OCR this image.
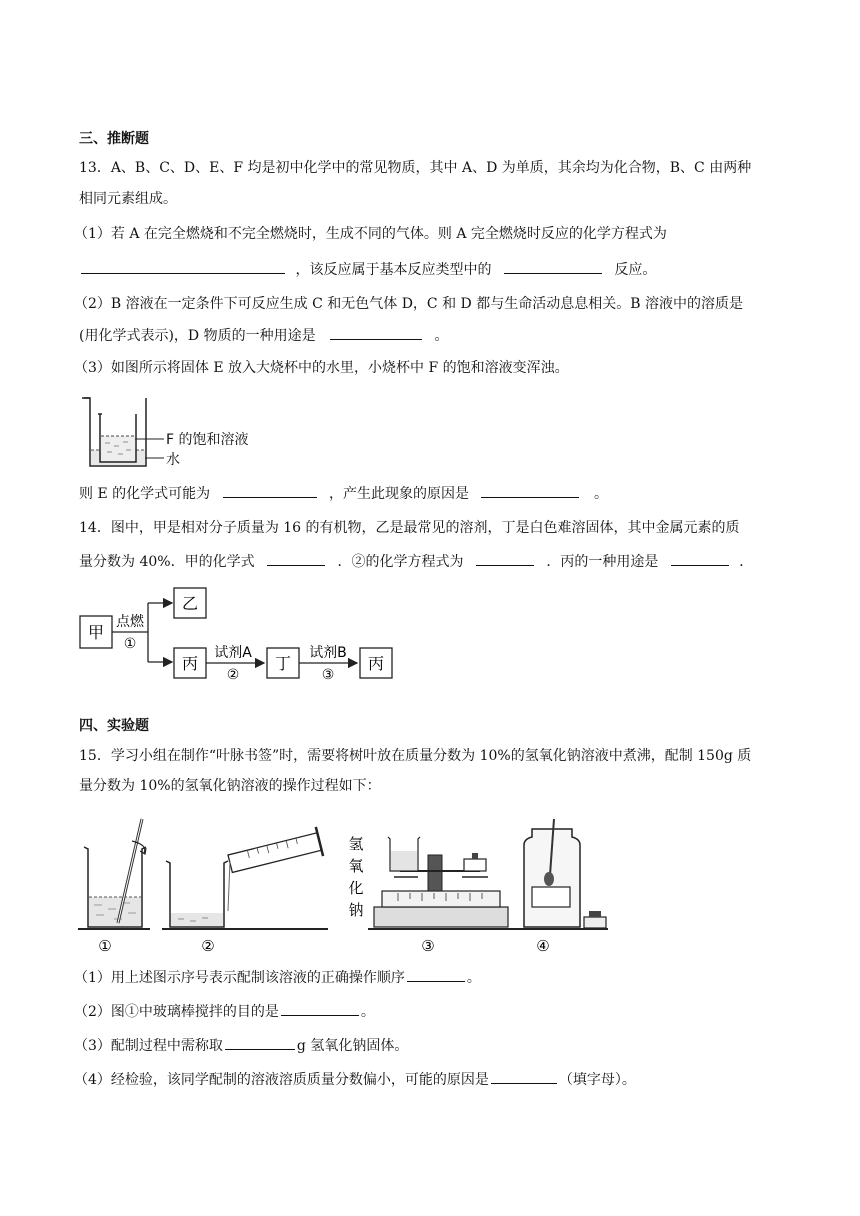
三、推断题
13．A、B、C、D、E、F 均是初中化学中的常见物质，其中 A、D 为单质，其余均为化合物，B、C 由两种
相同元素组成。
（1）若 A 在完全燃烧和不完全燃烧时，生成不同的气体。则 A 完全燃烧时反应的化学方程式为
，该反应属于基本反应类型中的	反应。
（2）B 溶液在一定条件下可反应生成 C 和无色气体 D，C 和 D 都与生命活动息息相关。B 溶液中的溶质是
(用化学式表示)，D 物质的一种用途是	。
（3）如图所示将固体 E 放入大烧杯中的水里，小烧杯中 F 的饱和溶液变浑浊。
F 的饱和溶液
水
则 E 的化学式可能为	，产生此现象的原因是	。
14．图中，甲是相对分子质量为 16 的有机物，乙是最常见的溶剂，丁是白色难溶固体，其中金属元素的质
量分数为 40%．甲的化学式	．②的化学方程式为	．丙的一种用途是	．
甲
点燃
①
乙
丙
试剂A
②
丁
试剂B
③
丙
四、实验题
15．学习小组在制作“叶脉书签”时，需要将树叶放在质量分数为 10%的氢氧化钠溶液中煮沸，配制 150g 质
量分数为 10%的氢氧化钠溶液的操作过程如下：
氢
氧
化
钠
①	②	③	④
（1）用上述图示序号表示配制该溶液的正确操作顺序	。
（2）图①中玻璃棒搅拌的目的是	。
（3）配制过程中需称取	g 氢氧化钠固体。
（4）经检验，该同学配制的溶液溶质质量分数偏小，可能的原因是	（填字母）。
